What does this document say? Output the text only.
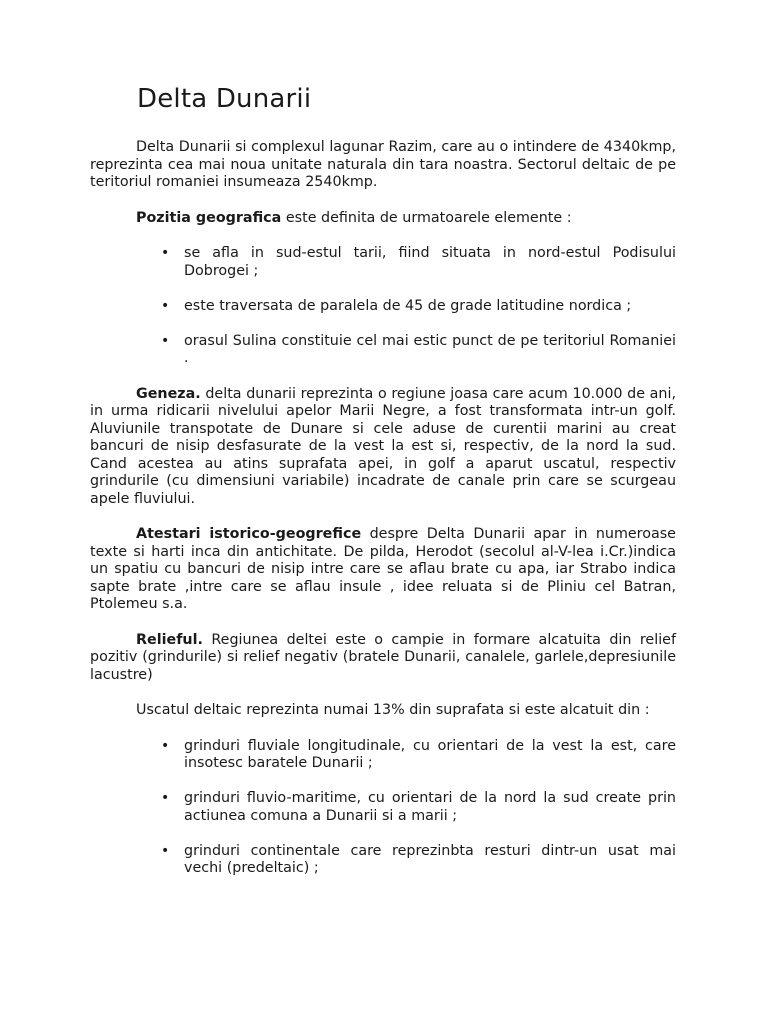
Delta Dunarii

Delta Dunarii si complexul lagunar Razim, care au o intindere de 4340kmp, reprezinta cea mai noua unitate naturala din tara noastra. Sectorul deltaic de pe teritoriul romaniei insumeaza 2540kmp.

Pozitia geografica este definita de urmatoarele elemente :

• se afla in sud-estul tarii, fiind situata in nord-estul Podisului Dobrogei ;
• este traversata de paralela de 45 de grade latitudine nordica ;
• orasul Sulina constituie cel mai estic punct de pe teritoriul Romaniei .

Geneza. delta dunarii reprezinta o regiune joasa care acum 10.000 de ani, in urma ridicarii nivelului apelor Marii Negre, a fost transformata intr-un golf. Aluviunile transpotate de Dunare si cele aduse de curentii marini au creat bancuri de nisip desfasurate de la vest la est si, respectiv, de la nord la sud. Cand acestea au atins suprafata apei, in golf a aparut uscatul, respectiv grindurile (cu dimensiuni variabile) incadrate de canale prin care se scurgeau apele fluviului.

Atestari istorico-geogrefice despre Delta Dunarii apar in numeroase texte si harti inca din antichitate. De pilda, Herodot (secolul al-V-lea i.Cr.)indica un spatiu cu bancuri de nisip intre care se aflau brate cu apa, iar Strabo indica sapte brate ,intre care se aflau insule , idee reluata si de Pliniu cel Batran, Ptolemeu s.a.

Relieful. Regiunea deltei este o campie in formare alcatuita din relief pozitiv (grindurile) si relief negativ (bratele Dunarii, canalele, garlele,depresiunile lacustre)

Uscatul deltaic reprezinta numai 13% din suprafata si este alcatuit din :

• grinduri fluviale longitudinale, cu orientari de la vest la est, care insotesc baratele Dunarii ;
• grinduri fluvio-maritime, cu orientari de la nord la sud create prin actiunea comuna a Dunarii si a marii ;
• grinduri continentale care reprezinbta resturi dintr-un usat mai vechi (predeltaic) ;
